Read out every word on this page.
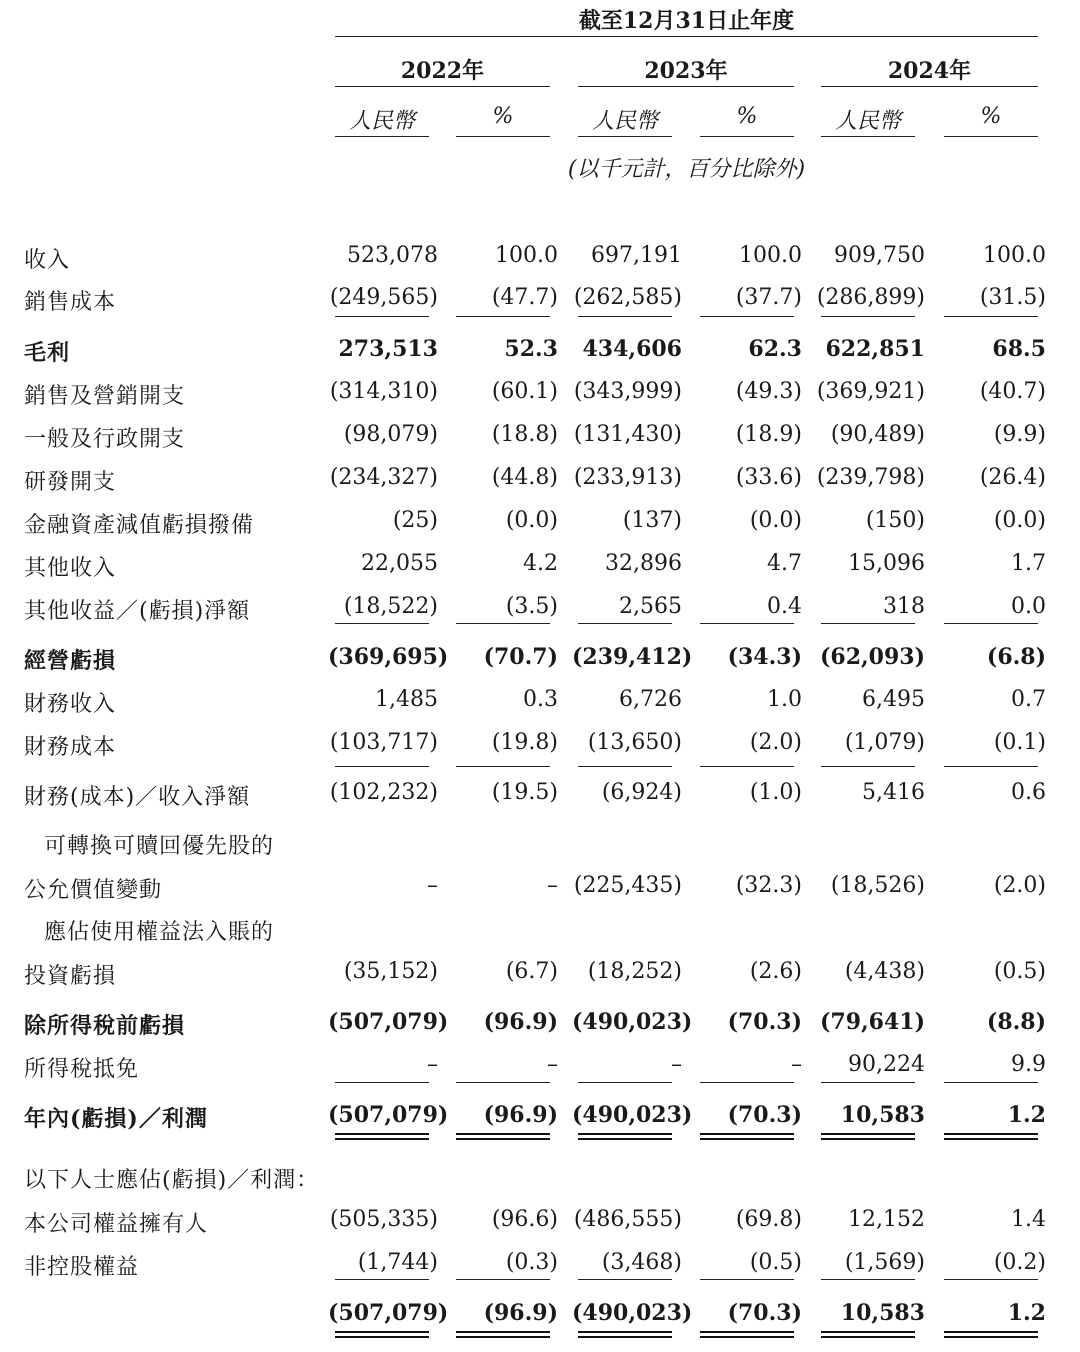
截至12月31日止年度
2022年	2023年	2024年
人民幣	%	人民幣	%	人民幣	%
(以千元計，百分比除外)
收入	523,078	100.0	697,191	100.0	909,750	100.0
銷售成本	(249,565)	(47.7) (262,585)	(37.7) (286,899)	(31.5)
毛利	273,513	52.3	434,606	62.3	622,851	68.5
銷售及營銷開支	(314,310)	(60.1) (343,999)	(49.3) (369,921)	(40.7)
一般及行政開支	(98,079)	(18.8) (131,430)	(18.9)	(90,489)	(9.9)
研發開支	(234,327)	(44.8) (233,913)	(33.6) (239,798)	(26.4)
金融資產減值虧損撥備	(25)	(0.0)	(137)	(0.0)	(150)	(0.0)
其他收入	22,055	4.2	32,896	4.7	15,096	1.7
其他收益／(虧損)淨額	(18,522)	(3.5)	2,565	0.4	318	0.0
經營虧損	(369,695) (70.7) (239,412) (34.3) (62,093)	(6.8)
財務收入	1,485	0.3	6,726	1.0	6,495	0.7
財務成本	(103,717)	(19.8)	(13,650)	(2.0)	(1,079)	(0.1)
財務(成本)／收入淨額	(102,232)	(19.5)	(6,924)	(1.0)	5,416	0.6
可轉換可贖回優先股的
公允價值變動	–	– (225,435)	(32.3)	(18,526)	(2.0)
應佔使用權益法入賬的
投資虧損	(35,152)	(6.7)	(18,252)	(2.6)	(4,438)	(0.5)
除所得稅前虧損	(507,079) (96.9) (490,023) (70.3) (79,641)	(8.8)
所得稅抵免	–	–	–	–	90,224	9.9
年內(虧損)／利潤	(507,079) (96.9) (490,023) (70.3)	10,583	1.2
以下人士應佔(虧損)／利潤：
本公司權益擁有人	(505,335)	(96.6) (486,555)	(69.8)	12,152	1.4
非控股權益	(1,744)	(0.3)	(3,468)	(0.5)	(1,569)	(0.2)
(507,079) (96.9) (490,023) (70.3)	10,583	1.2
